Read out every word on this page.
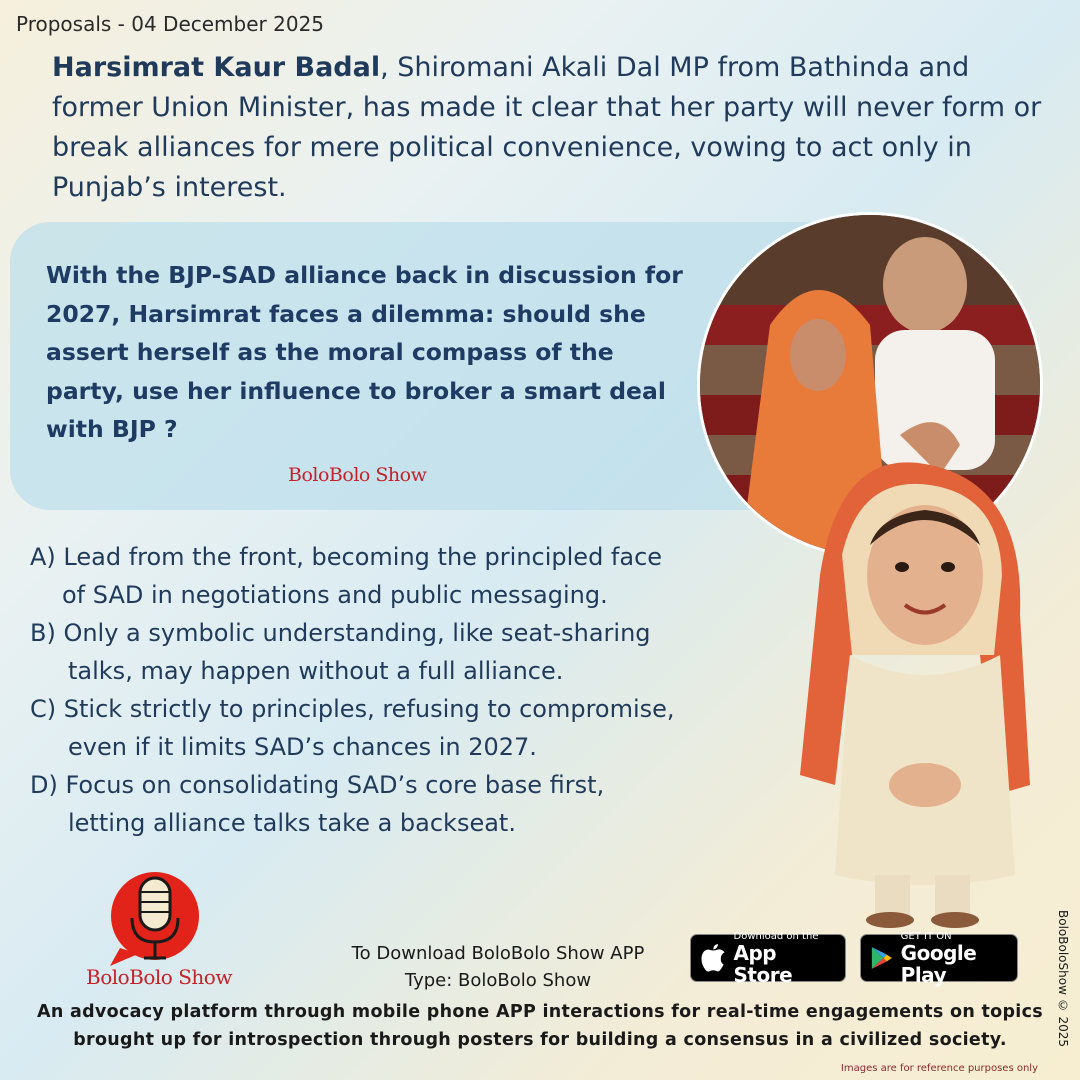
Proposals - 04 December 2025
Harsimrat Kaur Badal, Shiromani Akali Dal MP from Bathinda and former Union Minister, has made it clear that her party will never form or break alliances for mere political convenience, vowing to act only in Punjab’s interest.
With the BJP-SAD alliance back in discussion for 2027, Harsimrat faces a dilemma: should she assert herself as the moral compass of the party, use her influence to broker a smart deal with BJP ?
BoloBolo Show
A) Lead from the front, becoming the principled face
of SAD in negotiations and public messaging.
B) Only a symbolic understanding, like seat-sharing
talks, may happen without a full alliance.
C) Stick strictly to principles, refusing to compromise,
even if it limits SAD’s chances in 2027.
D) Focus on consolidating SAD’s core base first,
letting alliance talks take a backseat.
BoloBolo Show
To Download BoloBolo Show APP
Type: BoloBolo Show
Download on the
App Store
GET IT ON
Google Play
An advocacy platform through mobile phone APP interactions for real-time engagements on topics
brought up for introspection through posters for building a consensus in a civilized society.	BoloBoloShow © 2025
Images are for reference purposes only
